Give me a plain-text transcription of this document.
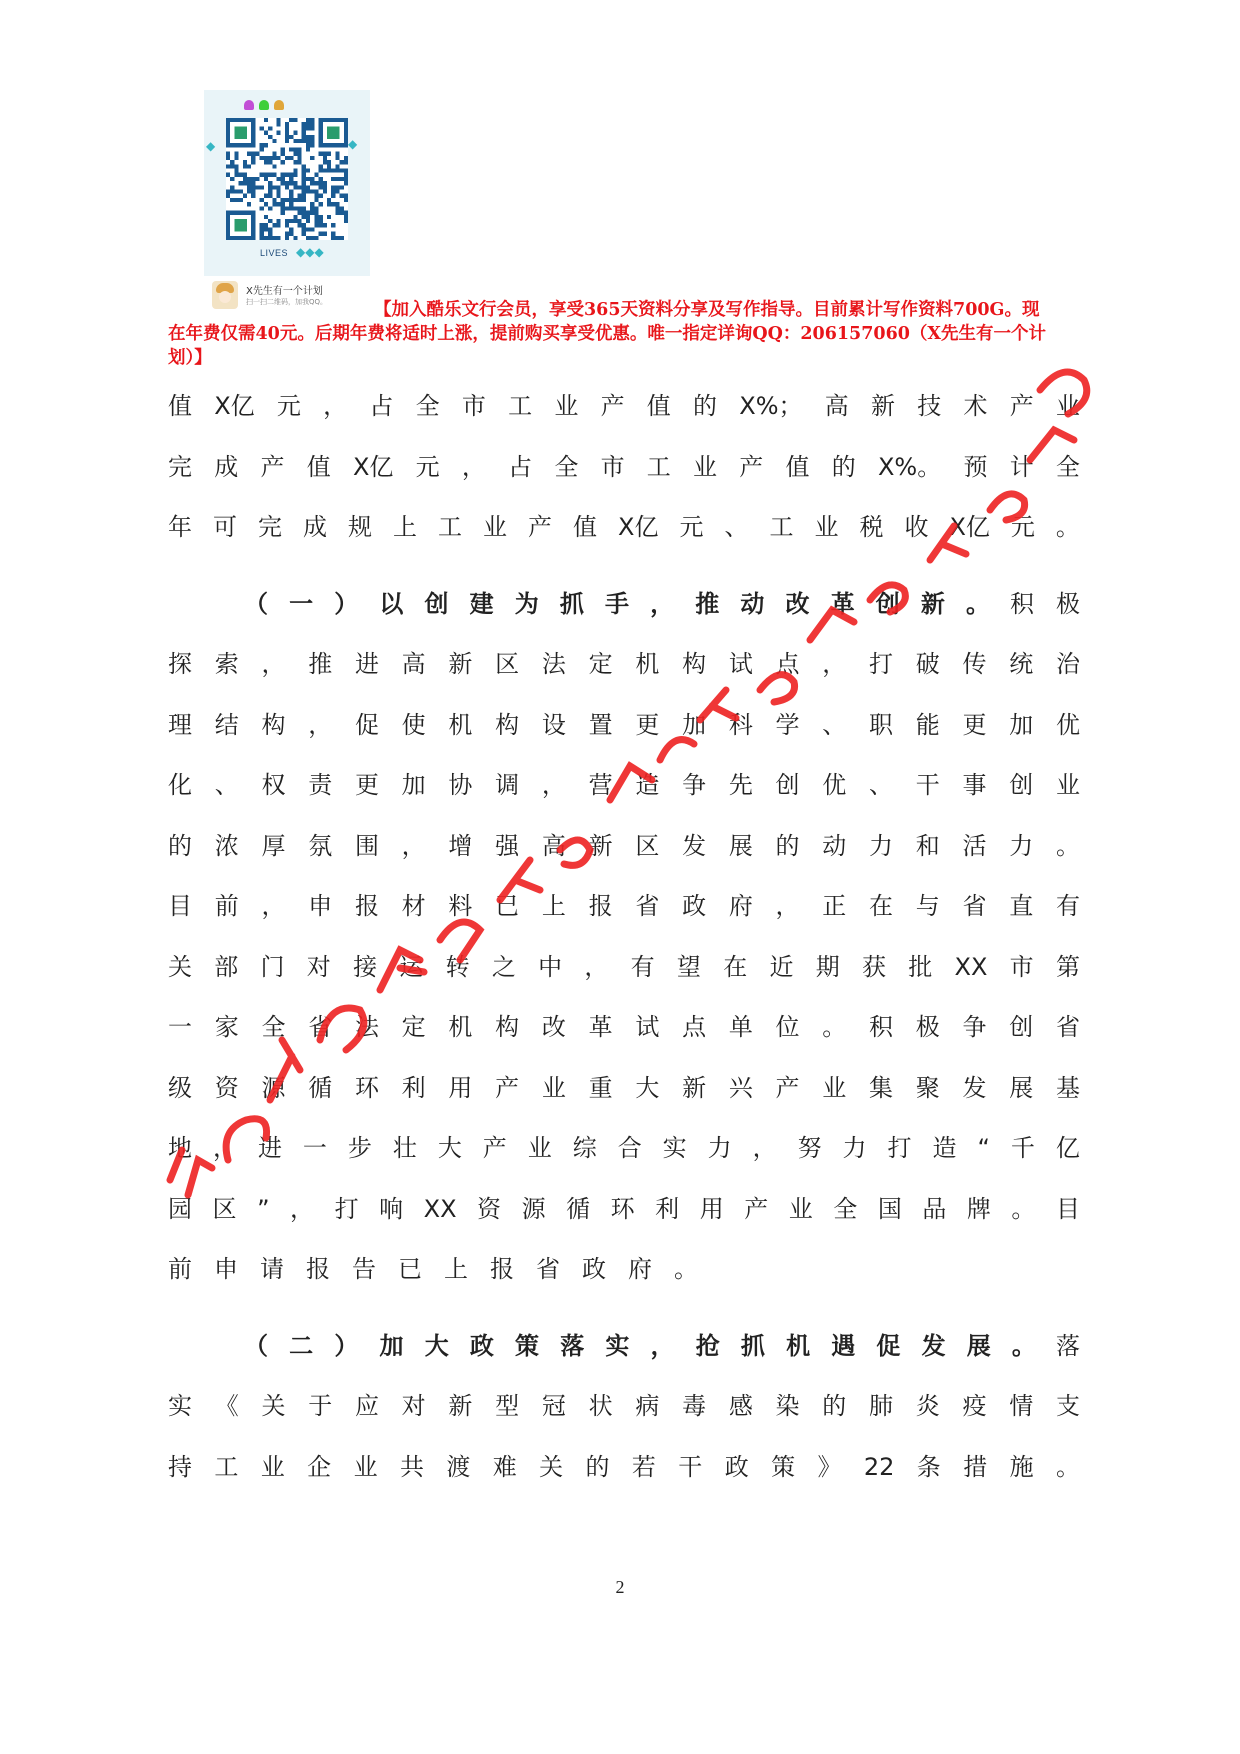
◆	◆
LIVES ◆◆◆
X先生有一个计划
扫一扫二维码，加我QQ。	【加入酷乐文行会员，享受365天资料分享及写作指导。目前累计写作资料700G。现
在年费仅需40元。后期年费将适时上涨，提前购买享受优惠。唯一指定详询QQ：206157060（X先生有一个计
划）】
值 X亿 元 ， 占 全 市 工 业 产 值 的 X%； 高 新 技 术 产 业
完 成 产 值 X亿 元 ， 占 全 市 工 业 产 值 的 X%。 预 计 全
年 可 完 成 规 上 工 业 产 值 X亿 元 、 工 业 税 收 X亿 元 。
（ 一 ） 以 创 建 为 抓 手 ， 推 动 改 革 创 新 。 积 极
探 索 ， 推 进 高 新 区 法 定 机 构 试 点 ， 打 破 传 统 治
理 结 构 ， 促 使 机 构 设 置 更 加 科 学 、 职 能 更 加 优
化 、 权 责 更 加 协 调 ， 营 造 争 先 创 优 、 干 事 创 业
的 浓 厚 氛 围 ， 增 强 高 新 区 发 展 的 动 力 和 活 力 。
目 前 ， 申 报 材 料 已 上 报 省 政 府 ， 正 在 与 省 直 有
关 部 门 对 接 运 转 之 中 ， 有 望 在 近 期 获 批 XX 市 第
一 家 全 省 法 定 机 构 改 革 试 点 单 位 。 积 极 争 创 省
级 资 源 循 环 利 用 产 业 重 大 新 兴 产 业 集 聚 发 展 基
地 ， 进 一 步 壮 大 产 业 综 合 实 力 ， 努 力 打 造 “ 千 亿
园 区 ” ， 打 响 XX 资 源 循 环 利 用 产 业 全 国 品 牌 。 目
前 申 请 报 告 已 上 报 省 政 府 。
（ 二 ） 加 大 政 策 落 实 ， 抢 抓 机 遇 促 发 展 。 落
实 《 关 于 应 对 新 型 冠 状 病 毒 感 染 的 肺 炎 疫 情 支
持 工 业 企 业 共 渡 难 关 的 若 干 政 策 》 22 条 措 施 。
2
